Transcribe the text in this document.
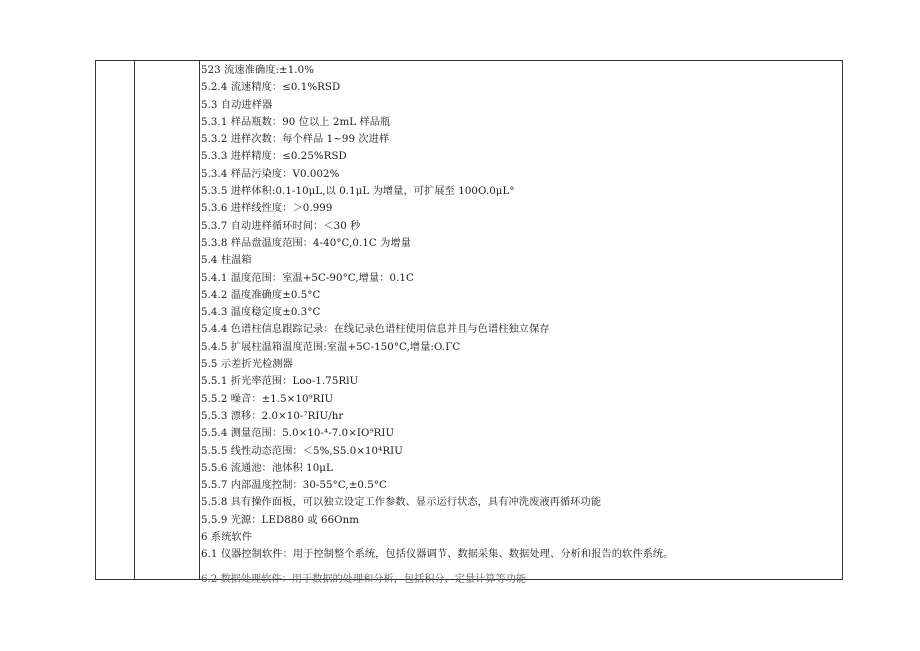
523 流速准确度:±1.0%
5.2.4 流速精度：≤0.1%RSD
5.3 自动进样器
5.3.1 样品瓶数：90 位以上 2mL 样品瓶
5.3.2 进样次数：每个样品 1~99 次进样
5.3.3 进样精度：≤0.25%RSD
5.3.4 样品污染度：V0.002%
5.3.5 进样体积:0.1-10μL,以 0.1μL 为增量，可扩展至 100O.0μL°
5.3.6 进样线性度：＞0.999
5.3.7 自动进样循环时间：＜30 秒
5.3.8 样品盘温度范围：4-40°C,0.1C 为增量
5.4 柱温箱
5.4.1 温度范围：室温+5C-90°C,增量：0.1C
5.4.2 温度准确度±0.5°C
5.4.3 温度稳定度±0.3°C
5.4.4 色谱柱信息跟踪记录：在线记录色谱柱使用信息并且与色谱柱独立保存
5.4.5 扩展柱温箱温度范围:室温+5C-150°C,增量:O.ΓC
5.5 示差折光检测器
5.5.1 折光率范围：Loo-1.75RlU
5.5.2 噪音：±1.5×10⁹RIU
5.5.3 漂移：2.0×10-⁷RIU/hr
5.5.4 测量范围：5.0×10-⁴-7.0×IO⁹RIU
5.5.5 线性动态范围：＜5%,S5.0×10⁴RIU
5.5.6 流通池：池体积 10μL
5.5.7 内部温度控制：30-55°C,±0.5°C
5.5.8 具有操作面板，可以独立设定工作参数、显示运行状态，具有冲洗废液再循环功能
5.5.9 光源：LED880 或 66Onm
6 系统软件
6.1 仪器控制软件：用于控制整个系统，包括仪器调节、数据采集、数据处理、分析和报告的软件系统。
6.2 数据处理软件：用于数据的处理和分析，包括积分、定量计算等功能
